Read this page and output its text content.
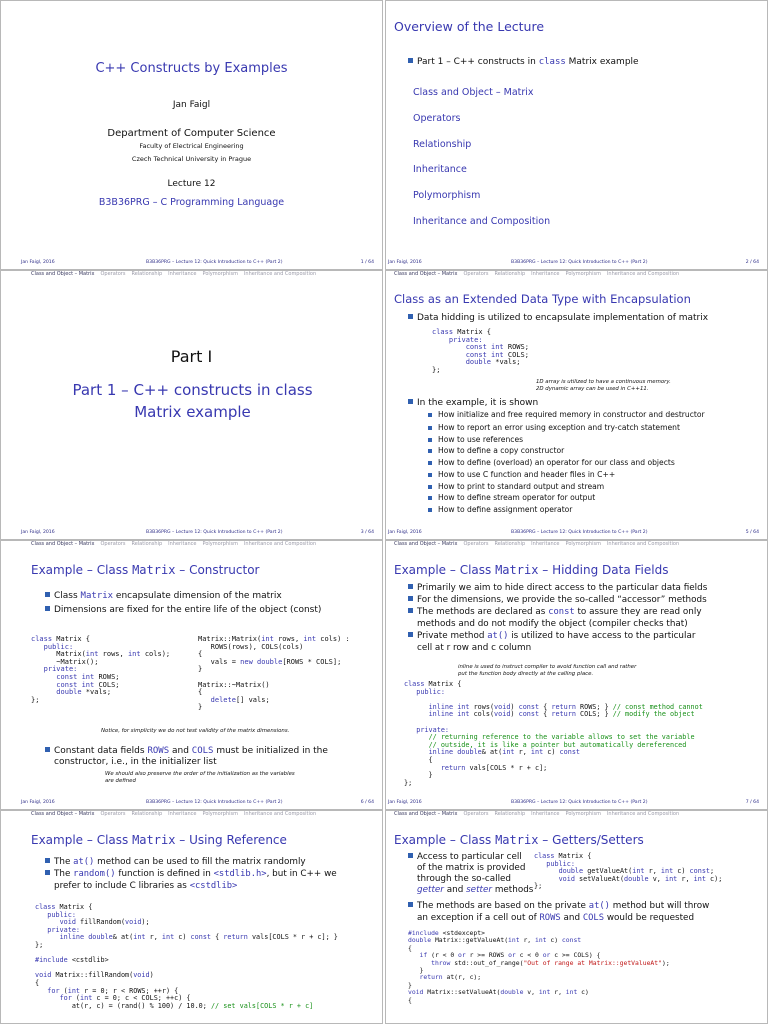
C++ Constructs by Examples
Jan Faigl
Department of Computer Science
Faculty of Electrical Engineering
Czech Technical University in Prague
Lecture 12
B3B36PRG – C Programming Language
Jan Faigl, 2016	B3B36PRG – Lecture 12: Quick Introduction to C++ (Part 2)	1 / 64
Overview of the Lecture
Part 1 – C++ constructs in class Matrix example
Class and Object – Matrix
Operators
Relationship
Inheritance
Polymorphism
Inheritance and Composition
Jan Faigl, 2016	B3B36PRG – Lecture 12: Quick Introduction to C++ (Part 2)	2 / 64
Class and Object – Matrix Operators Relationship Inheritance Polymorphism Inheritance and Composition
Part I
Part 1 – C++ constructs in class Matrix example
Jan Faigl, 2016	B3B36PRG – Lecture 12: Quick Introduction to C++ (Part 2)	3 / 64
Class and Object – Matrix Operators Relationship Inheritance Polymorphism Inheritance and Composition
Class as an Extended Data Type with Encapsulation
Data hidding is utilized to encapsulate implementation of matrix
class Matrix {
private:
const int ROWS;
const int COLS;
double *vals;
};
1D array is utilized to have a continuous memory.
2D dynamic array can be used in C++11.
In the example, it is shown
How initialize and free required memory in constructor and destructor
How to report an error using exception and try-catch statement
How to use references
How to define a copy constructor
How to define (overload) an operator for our class and objects
How to use C function and header files in C++
How to print to standard output and stream
How to define stream operator for output
How to define assignment operator
Jan Faigl, 2016	B3B36PRG – Lecture 12: Quick Introduction to C++ (Part 2)	5 / 64
Class and Object – Matrix Operators Relationship Inheritance Polymorphism Inheritance and Composition
Example – Class Matrix – Constructor
Class Matrix encapsulate dimension of the matrix
Dimensions are fixed for the entire life of the object (const)
class Matrix {
public:
Matrix(int rows, int cols);
~Matrix();
private:
const int ROWS;
const int COLS;
double *vals;
};
Matrix::Matrix(int rows, int cols) :
ROWS(rows), COLS(cols)
{
vals = new double[ROWS * COLS];
}

Matrix::~Matrix()
{
delete[] vals;
}
Notice, for simplicity we do not test validity of the matrix dimensions.
Constant data fields ROWS and COLS must be initialized in the
constructor, i.e., in the initializer list
We should also preserve the order of the initialization as the variables
are defined
Jan Faigl, 2016	B3B36PRG – Lecture 12: Quick Introduction to C++ (Part 2)	6 / 64
Class and Object – Matrix Operators Relationship Inheritance Polymorphism Inheritance and Composition
Example – Class Matrix – Hidding Data Fields
Primarily we aim to hide direct access to the particular data fields
For the dimensions, we provide the so-called “accessor” methods
The methods are declared as const to assure they are read only
methods and do not modify the object (compiler checks that)
Private method at() is utilized to have access to the particular
cell at r row and c column
inline is used to instruct compiler to avoid function call and rather
put the function body directly at the calling place.
class Matrix {
public:

inline int rows(void) const { return ROWS; } // const method cannot
inline int cols(void) const { return COLS; } // modify the object

private:
// returning reference to the variable allows to set the variable
// outside, it is like a pointer but automatically dereferenced
inline double& at(int r, int c) const
{
return vals[COLS * r + c];
}
};
Jan Faigl, 2016	B3B36PRG – Lecture 12: Quick Introduction to C++ (Part 2)	7 / 64
Class and Object – Matrix Operators Relationship Inheritance Polymorphism Inheritance and Composition
Example – Class Matrix – Using Reference
The at() method can be used to fill the matrix randomly
The random() function is defined in <stdlib.h>, but in C++ we
prefer to include C libraries as <cstdlib>
class Matrix {
public:
void fillRandom(void);
private:
inline double& at(int r, int c) const { return vals[COLS * r + c]; }
};

#include <cstdlib>

void Matrix::fillRandom(void)
{
for (int r = 0; r < ROWS; ++r) {
for (int c = 0; c < COLS; ++c) {
at(r, c) = (rand() % 100) / 10.0; // set vals[COLS * r + c]
Class and Object – Matrix Operators Relationship Inheritance Polymorphism Inheritance and Composition
Example – Class Matrix – Getters/Setters
Access to particular cell
of the matrix is provided
through the so-called
getter and setter methods
class Matrix {
public:
double getValueAt(int r, int c) const;
void setValueAt(double v, int r, int c);
};
The methods are based on the private at() method but will throw
an exception if a cell out of ROWS and COLS would be requested
#include <stdexcept>
double Matrix::getValueAt(int r, int c) const
{
if (r < 0 or r >= ROWS or c < 0 or c >= COLS) {
throw std::out_of_range("Out of range at Matrix::getValueAt");
}
return at(r, c);
}
void Matrix::setValueAt(double v, int r, int c)
{
